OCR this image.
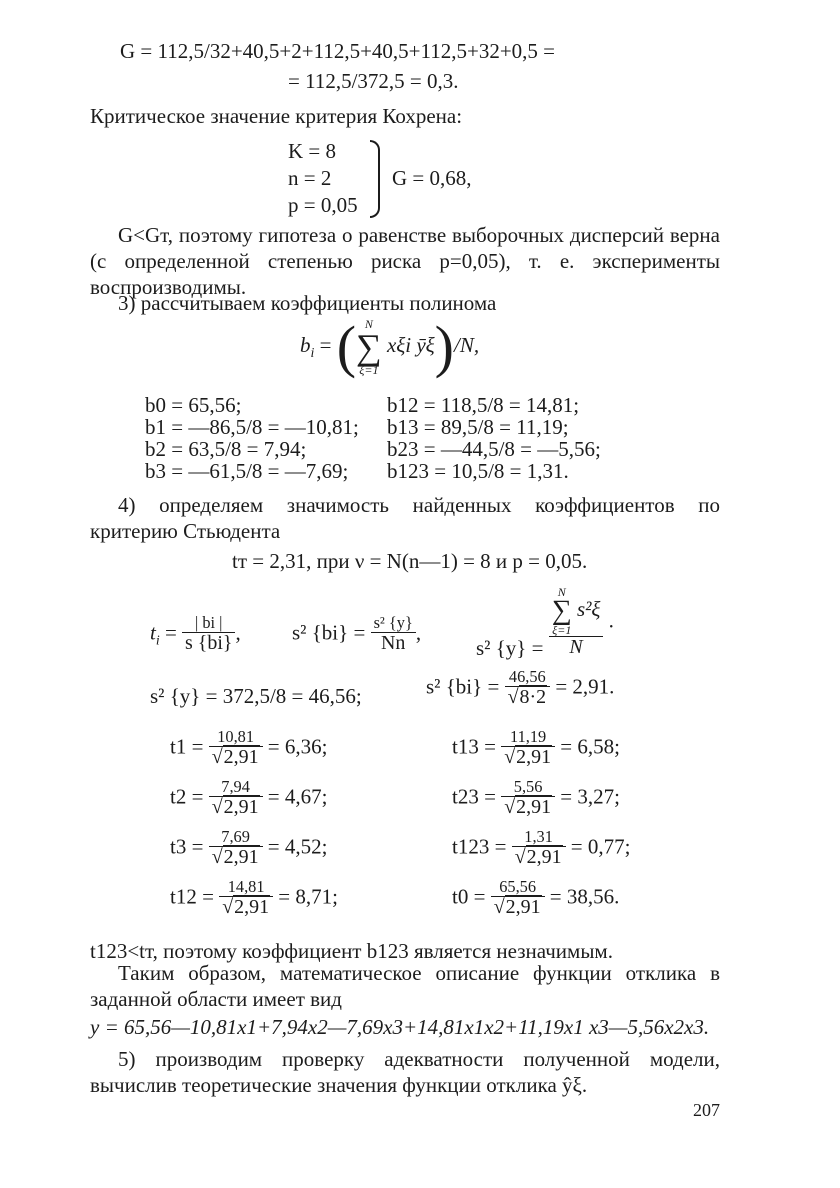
G = 112,5/32+40,5+2+112,5+40,5+112,5+32+0,5 =
= 112,5/372,5 = 0,3.
Критическое значение критерия Кохрена:
K = 8
n = 2
p = 0,05
G = 0,68,
G<Gт, поэтому гипотеза о равенстве выборочных дисперсий верна (с определенной степенью риска p=0,05), т. е. эксперименты воспроизводимы.
3) рассчитываем коэффициенты полинома
$b_i$ = ( N
∑
ξ=1
xξi ȳξ)/N,
b0 = 65,56;
b1 = —86,5/8 = —10,81;
b2 = 63,5/8 = 7,94;
b3 = —61,5/8 = —7,69;
b12 = 118,5/8 = 14,81;
b13 = 89,5/8 = 11,19;
b23 = —44,5/8 = —5,56;
b123 = 10,5/8 = 1,31.
4) определяем значимость найденных коэффициентов по критерию Стьюдента
tт = 2,31, при ν = N(n—1) = 8 и p = 0,05.
$t_i = \frac{| bi |}{s \{bi\}}$ , s² $\{bi\} = \frac{\text{s² \{y\}}}{Nn}$ ,
s² {y} = N
∑
ξ=1
s²ξ
N .
s² {y} = 372,5/8 = 46,56;	s² $\{bi\} = \frac{46,56}{√8\cdot 2} = 2,91$.
$t1 = \frac{10,81}{√2,91} = 6,36$;
$t2 = \frac{7,94}{√2,91} = 4,67$;
$t3 = \frac{7,69}{√2,91} = 4,52$;
$t12 = \frac{14,81}{√2,91} = 8,71$;
$t13 = \frac{11,19}{√2,91} = 6,58$;
$t23 = \frac{5,56}{√2,91} = 3,27$;
$t123 = \frac{1,31}{√2,91} = 0,77$;
$t0 = \frac{65,56}{√2,91} = 38,56$.
t123<tт, поэтому коэффициент b123 является незначимым.
Таким образом, математическое описание функции отклика в заданной области имеет вид
y = 65,56—10,81x1+7,94x2—7,69x3+14,81x1x2+11,19x1 x3—5,56x2x3.
5) производим проверку адекватности полученной модели, вычислив теоретические значения функции отклика ŷξ.
207
